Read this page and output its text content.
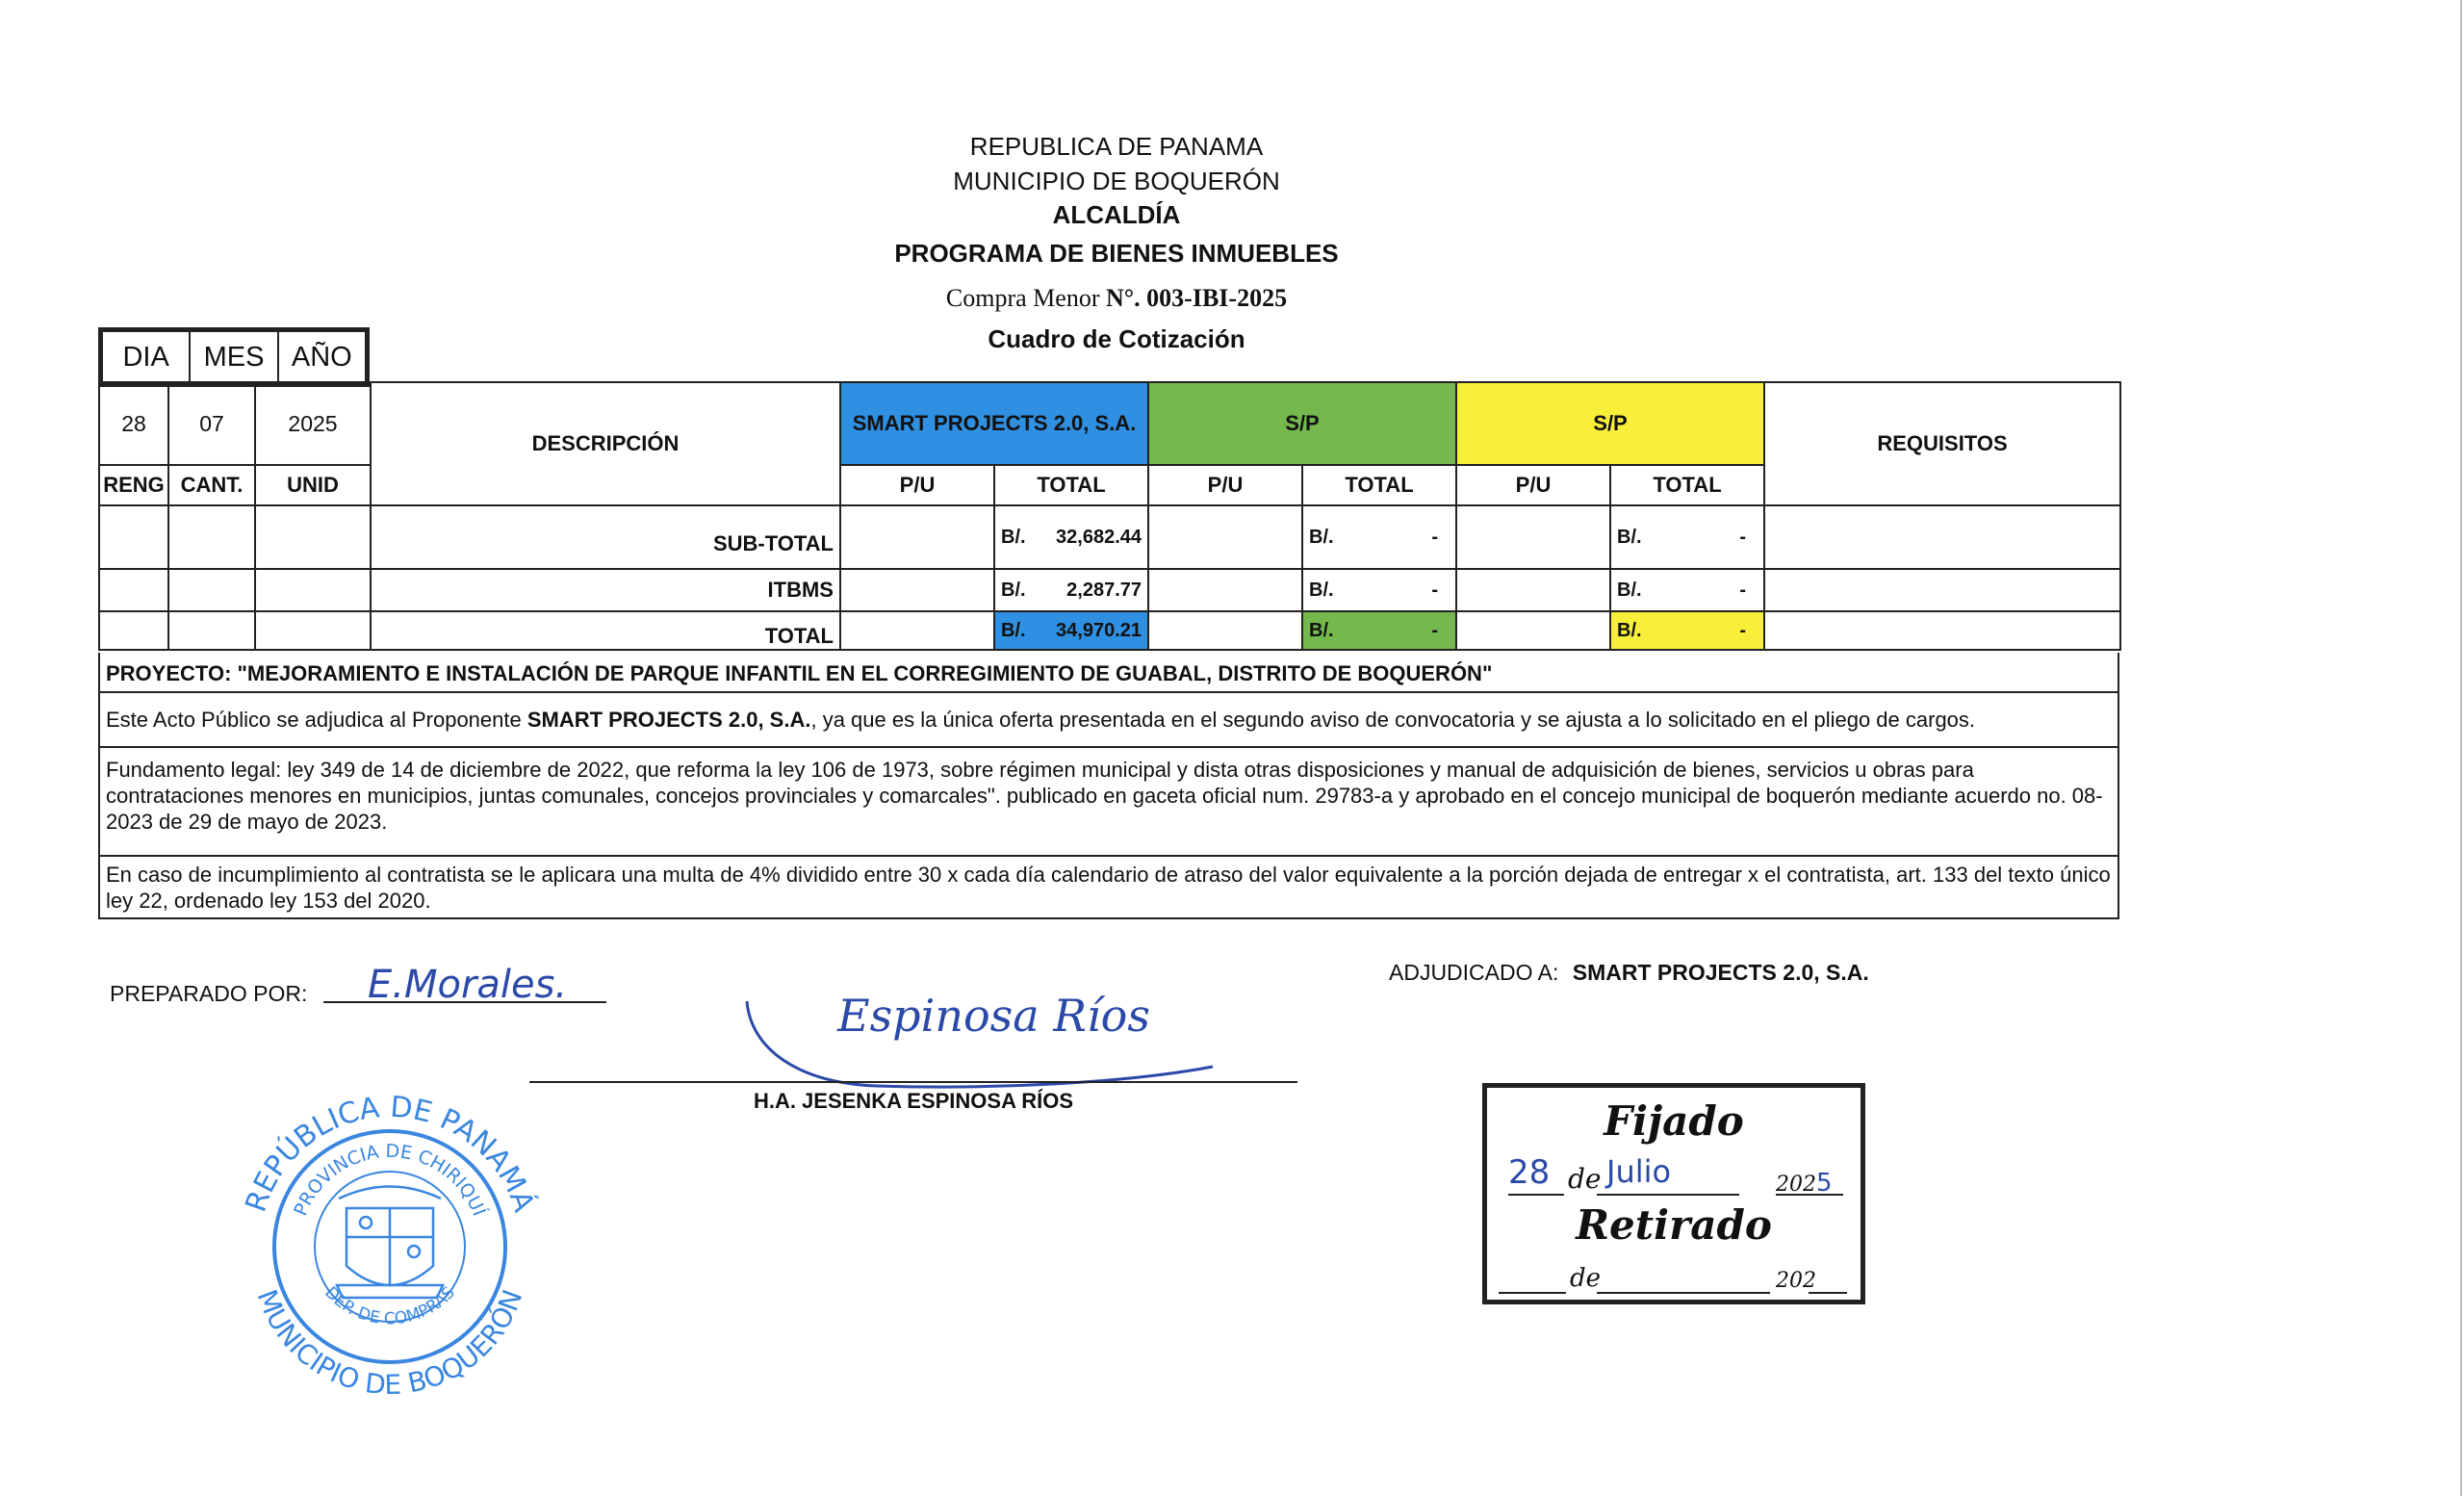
REPUBLICA DE PANAMA
MUNICIPIO DE BOQUERÓN
ALCALDÍA
PROGRAMA DE BIENES INMUEBLES
Compra Menor N°. 003-IBI-2025
Cuadro de Cotización
DIA	MES AÑO
28	07	2025	DESCRIPCIÓN	SMART PROJECTS 2.0, S.A.		S/P		S/P		REQUISITOS
RENG	CANT.	UNID		P/U	TOTAL	P/U	TOTAL	P/U	TOTAL	
			SUB-TOTAL		B/. 32,682.44		B/. -		B/. -	

			ITBMS		B/. 2,287.77		B/. -		B/. -	

			TOTAL		B/. 34,970.21		B/. -		B/. -	

PROYECTO: "MEJORAMIENTO E INSTALACIÓN DE PARQUE INFANTIL EN EL CORREGIMIENTO DE GUABAL, DISTRITO DE BOQUERÓN"
Este Acto Público se adjudica al Proponente SMART PROJECTS 2.0, S.A., ya que es la única oferta presentada en el segundo aviso de convocatoria y se ajusta a lo solicitado en el pliego de cargos.
Fundamento legal: ley 349 de 14 de diciembre de 2022, que reforma la ley 106 de 1973, sobre régimen municipal y dista otras disposiciones y manual de adquisición de bienes, servicios u obras para contrataciones menores en municipios, juntas comunales, concejos provinciales y comarcales". publicado en gaceta oficial num. 29783-a y aprobado en el concejo municipal de boquerón mediante acuerdo no. 08-2023 de 29 de mayo de 2023.
En caso de incumplimiento al contratista se le aplicara una multa de 4% dividido entre 30 x cada día calendario de atraso del valor equivalente a la porción dejada de entregar x el contratista, art. 133 del texto único ley 22, ordenado ley 153 del 2020.
PREPARADO POR: E.Morales.
Espinosa Ríos
H.A. JESENKA ESPINOSA RÍOS
ADJUDICADO A: SMART PROJECTS 2.0, S.A.
REPÚBLICA DE PANAMÁ
PROVINCIA DE CHIRIQUÍ
DEP. DE COMPRAS
MUNICIPIO DE BOQUERÓN
Fijado
28 de Julio	2025
Retirado
de	202
